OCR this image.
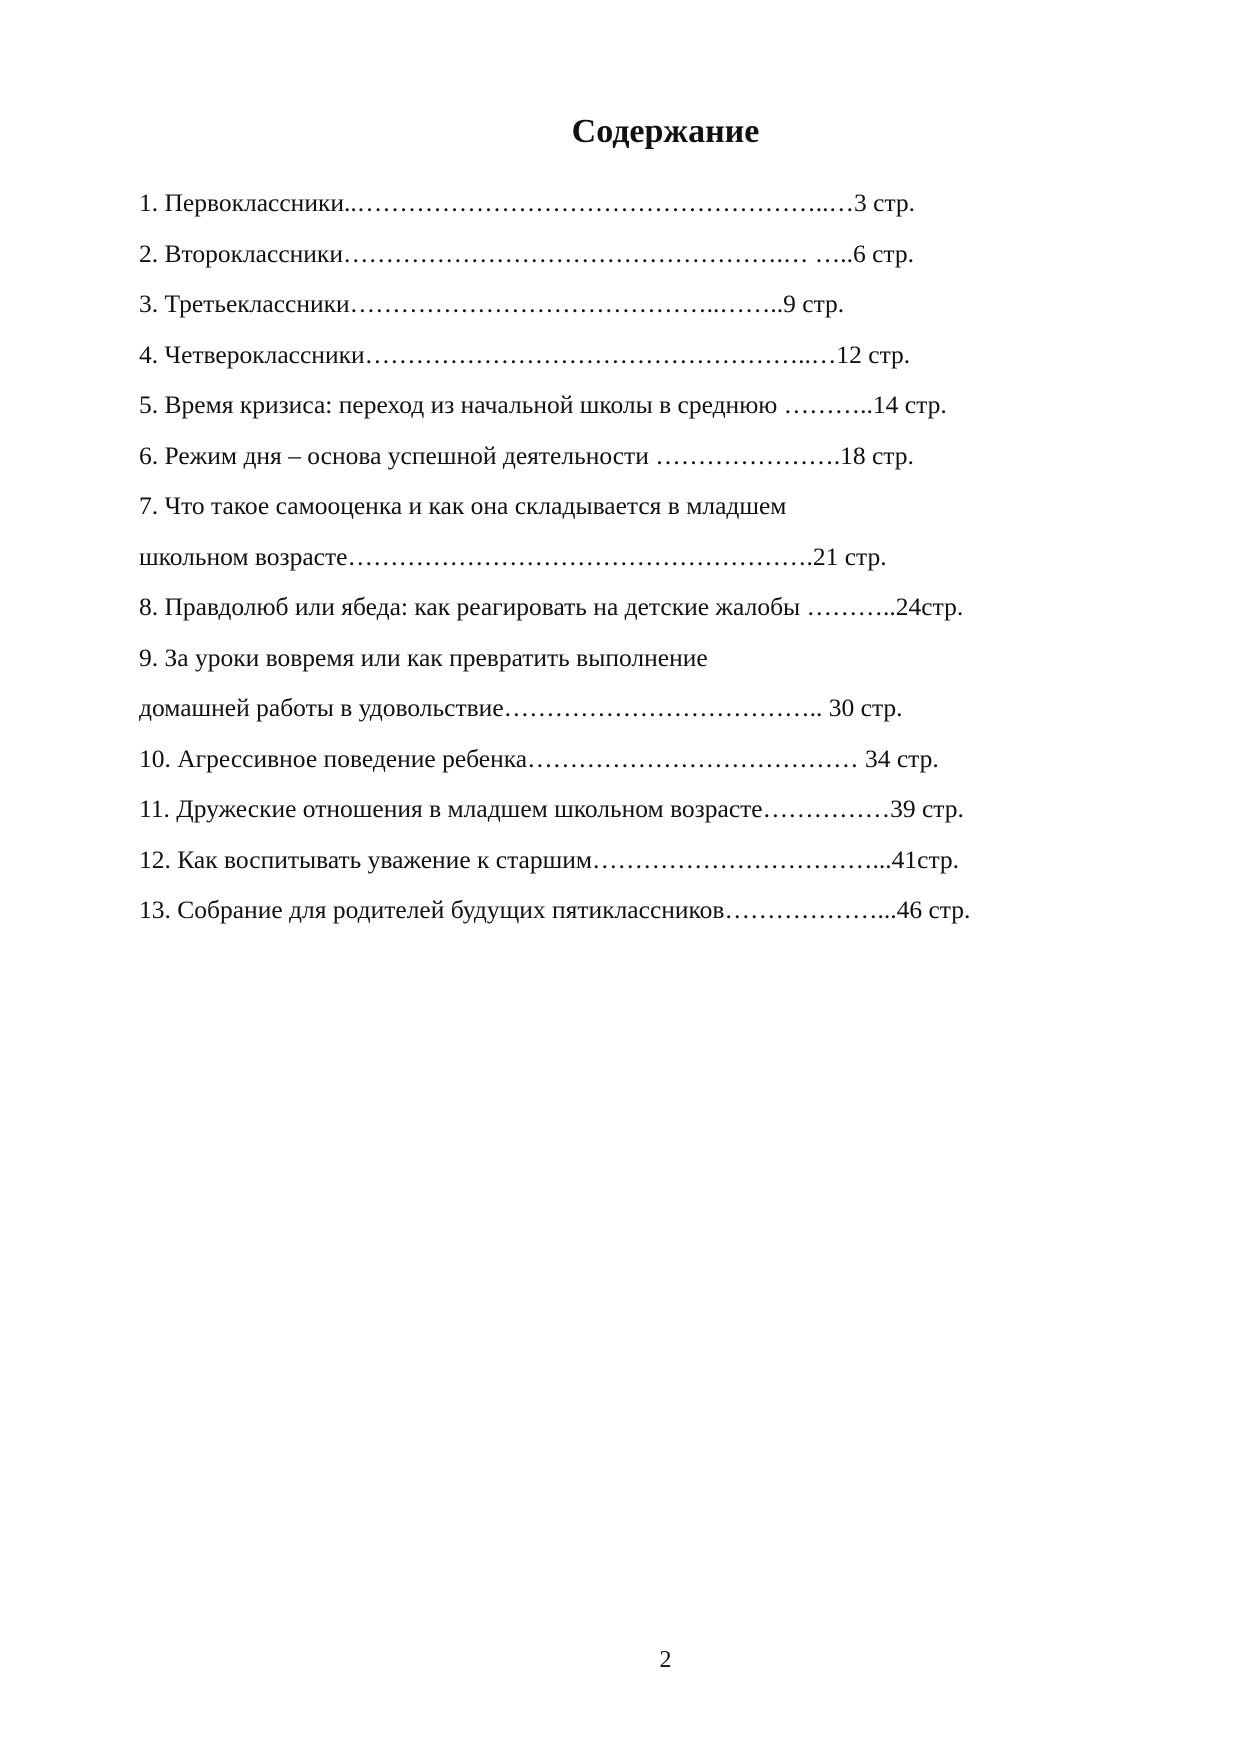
Содержание
1. Первоклассники..………………………………………………..…3 стр.
2. Второклассники…………………………………………….… …..6 стр.
3. Третьеклассники……………………………………..……..9 стр.
4. Четвероклассники……………………………………………..…12 стр.
5. Время кризиса: переход из начальной школы в среднюю ………..14 стр.
6. Режим дня – основа успешной деятельности ………………….18 стр.
7. Что такое самооценка и как она складывается в младшем
школьном возрасте……………………………………………….21 стр.
8. Правдолюб или ябеда: как реагировать на детские жалобы ………..24стр.
9. За уроки вовремя или как превратить выполнение
домашней работы в удовольствие……………………………….. 30 стр.
10. Агрессивное поведение ребенка………………………………… 34 стр.
11. Дружеские отношения в младшем школьном возрасте……………39 стр.
12. Как воспитывать уважение к старшим……………………………...41стр.
13. Собрание для родителей будущих пятиклассников………………...46 стр.
2
